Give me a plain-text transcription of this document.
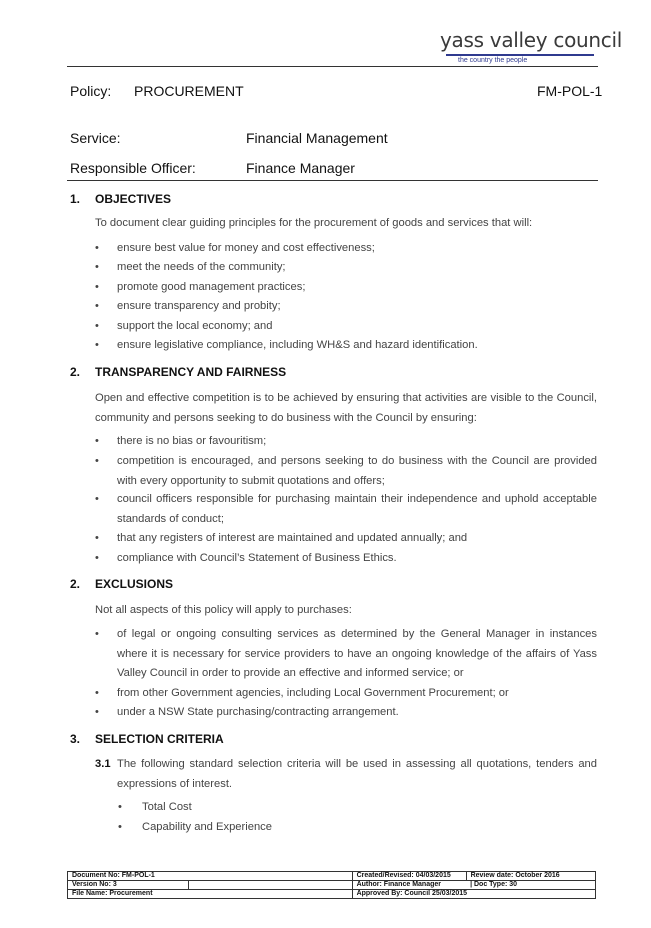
yass valley council
the country the people
Policy: PROCUREMENT	FM-POL-1
Service:	Financial Management
Responsible Officer:	Finance Manager
1. OBJECTIVES
To document clear guiding principles for the procurement of goods and services that will:
• ensure best value for money and cost effectiveness;
• meet the needs of the community;
• promote good management practices;
• ensure transparency and probity;
• support the local economy; and
• ensure legislative compliance, including WH&S and hazard identification.
2. TRANSPARENCY AND FAIRNESS
Open and effective competition is to be achieved by ensuring that activities are visible to the Council, community and persons seeking to do business with the Council by ensuring:
• there is no bias or favouritism;
• competition is encouraged, and persons seeking to do business with the Council are provided with every opportunity to submit quotations and offers;
• council officers responsible for purchasing maintain their independence and uphold acceptable standards of conduct;
• that any registers of interest are maintained and updated annually; and
• compliance with Council’s Statement of Business Ethics.
2. EXCLUSIONS
Not all aspects of this policy will apply to purchases:
• of legal or ongoing consulting services as determined by the General Manager in instances where it is necessary for service providers to have an ongoing knowledge of the affairs of Yass Valley Council in order to provide an effective and informed service; or
• from other Government agencies, including Local Government Procurement; or
• under a NSW State purchasing/contracting arrangement.
3. SELECTION CRITERIA
3.1 The following standard selection criteria will be used in assessing all quotations, tenders and expressions of interest.
• Total Cost
• Capability and Experience
Document No: FM-POL-1		Created/Revised: 04/03/2015	Review date: October 2016
Version No: 3		Author: Finance Manager	| Doc Type: 30
File Name: Procurement		Approved By: Council 25/03/2015	
